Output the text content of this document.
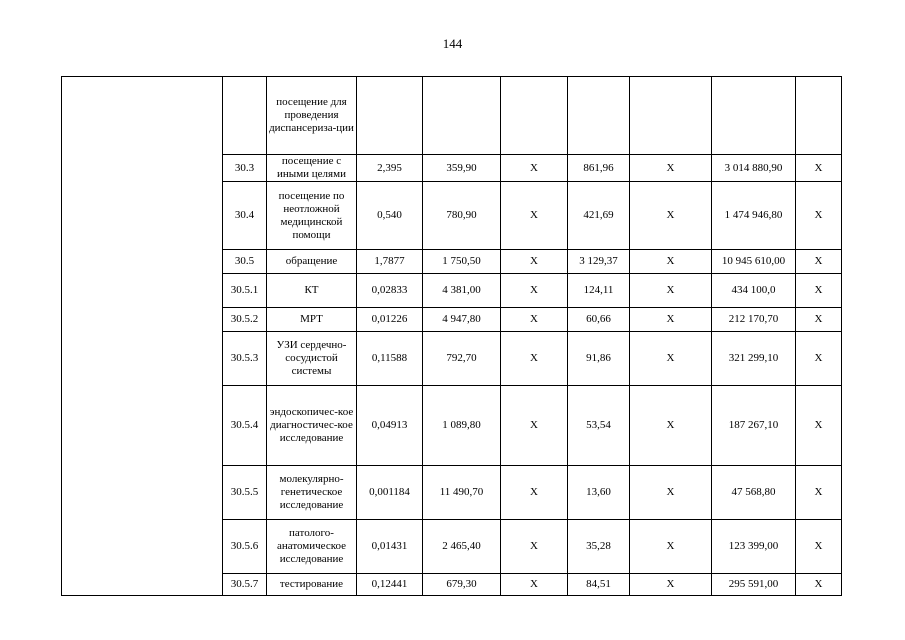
144
		посещение для проведения диспансериза-ции							
	30.3	посещение с иными целями	2,395	359,90	Х	861,96	Х	3 014 880,90	Х
	30.4	посещение по неотложной медицинской помощи	0,540	780,90	Х	421,69	Х	1 474 946,80	Х
	30.5	обращение	1,7877	1 750,50	Х	3 129,37	Х	10 945 610,00	Х
	30.5.1	КТ	0,02833	4 381,00	Х	124,11	Х	434 100,0	Х
	30.5.2	МРТ	0,01226	4 947,80	Х	60,66	Х	212 170,70	Х
	30.5.3	УЗИ сердечно-сосудистой системы	0,11588	792,70	Х	91,86	Х	321 299,10	Х
	30.5.4	эндоскопичес-кое диагностичес-кое исследование	0,04913	1 089,80	Х	53,54	Х	187 267,10	Х
	30.5.5	молекулярно-генетическое исследование	0,001184	11 490,70	Х	13,60	Х	47 568,80	Х
	30.5.6	патолого-анатомическое исследование	0,01431	2 465,40	Х	35,28	Х	123 399,00	Х
	30.5.7	тестирование	0,12441	679,30	Х	84,51	Х	295 591,00	Х
